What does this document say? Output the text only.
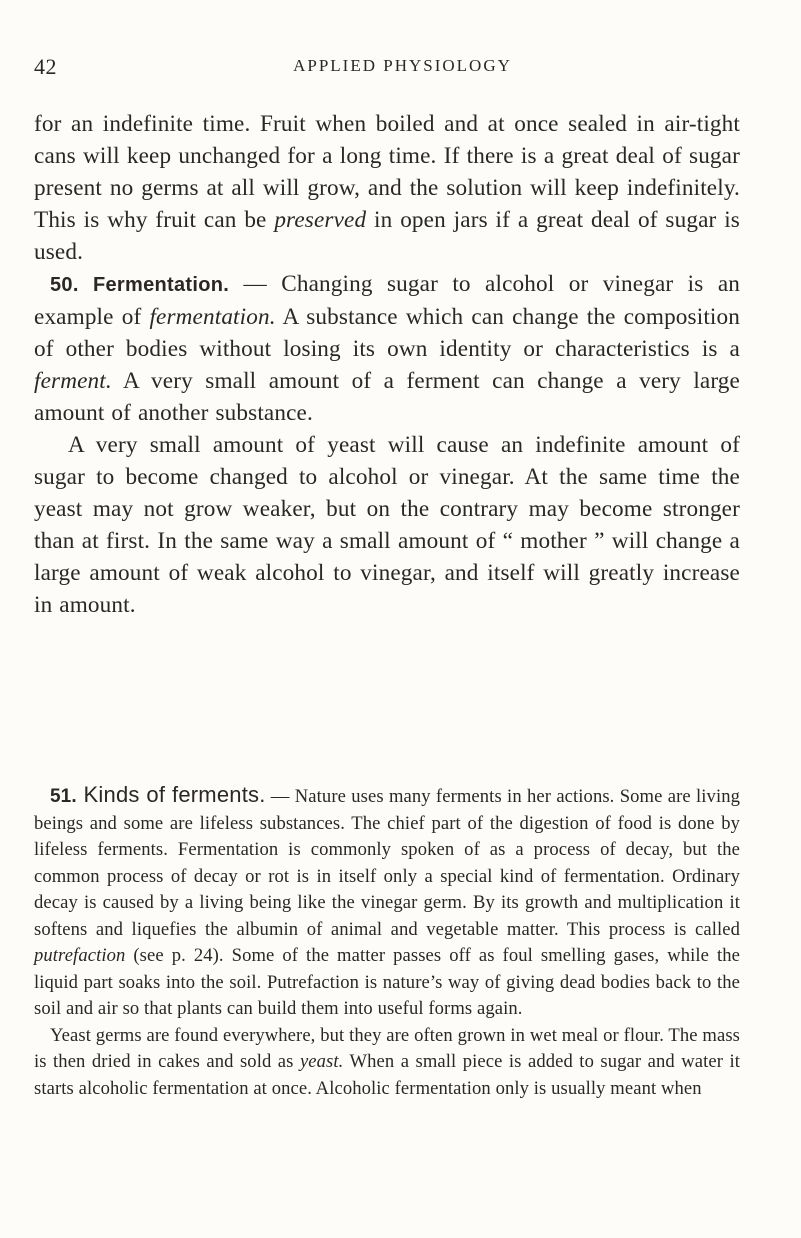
42	APPLIED PHYSIOLOGY

for an indefinite time. Fruit when boiled and at once sealed in air-tight cans will keep unchanged for a long time. If there is a great deal of sugar present no germs at all will grow, and the solution will keep indefinitely. This is why fruit can be preserved in open jars if a great deal of sugar is used.

50. Fermentation. — Changing sugar to alcohol or vinegar is an example of fermentation. A substance which can change the composition of other bodies without losing its own identity or characteristics is a ferment. A very small amount of a ferment can change a very large amount of another substance.

A very small amount of yeast will cause an indefinite amount of sugar to become changed to alcohol or vinegar. At the same time the yeast may not grow weaker, but on the contrary may become stronger than at first. In the same way a small amount of “ mother ” will change a large amount of weak alcohol to vinegar, and itself will greatly increase in amount.

51. Kinds of ferments. — Nature uses many ferments in her actions. Some are living beings and some are lifeless substances. The chief part of the digestion of food is done by lifeless ferments. Fermentation is commonly spoken of as a process of decay, but the common process of decay or rot is in itself only a special kind of fermentation. Ordinary decay is caused by a living being like the vinegar germ. By its growth and multiplication it softens and liquefies the albumin of animal and vegetable matter. This process is called putrefaction (see p. 24). Some of the matter passes off as foul smelling gases, while the liquid part soaks into the soil. Putrefaction is nature’s way of giving dead bodies back to the soil and air so that plants can build them into useful forms again.

Yeast germs are found everywhere, but they are often grown in wet meal or flour. The mass is then dried in cakes and sold as yeast. When a small piece is added to sugar and water it starts alcoholic fermentation at once. Alcoholic fermentation only is usually meant when
